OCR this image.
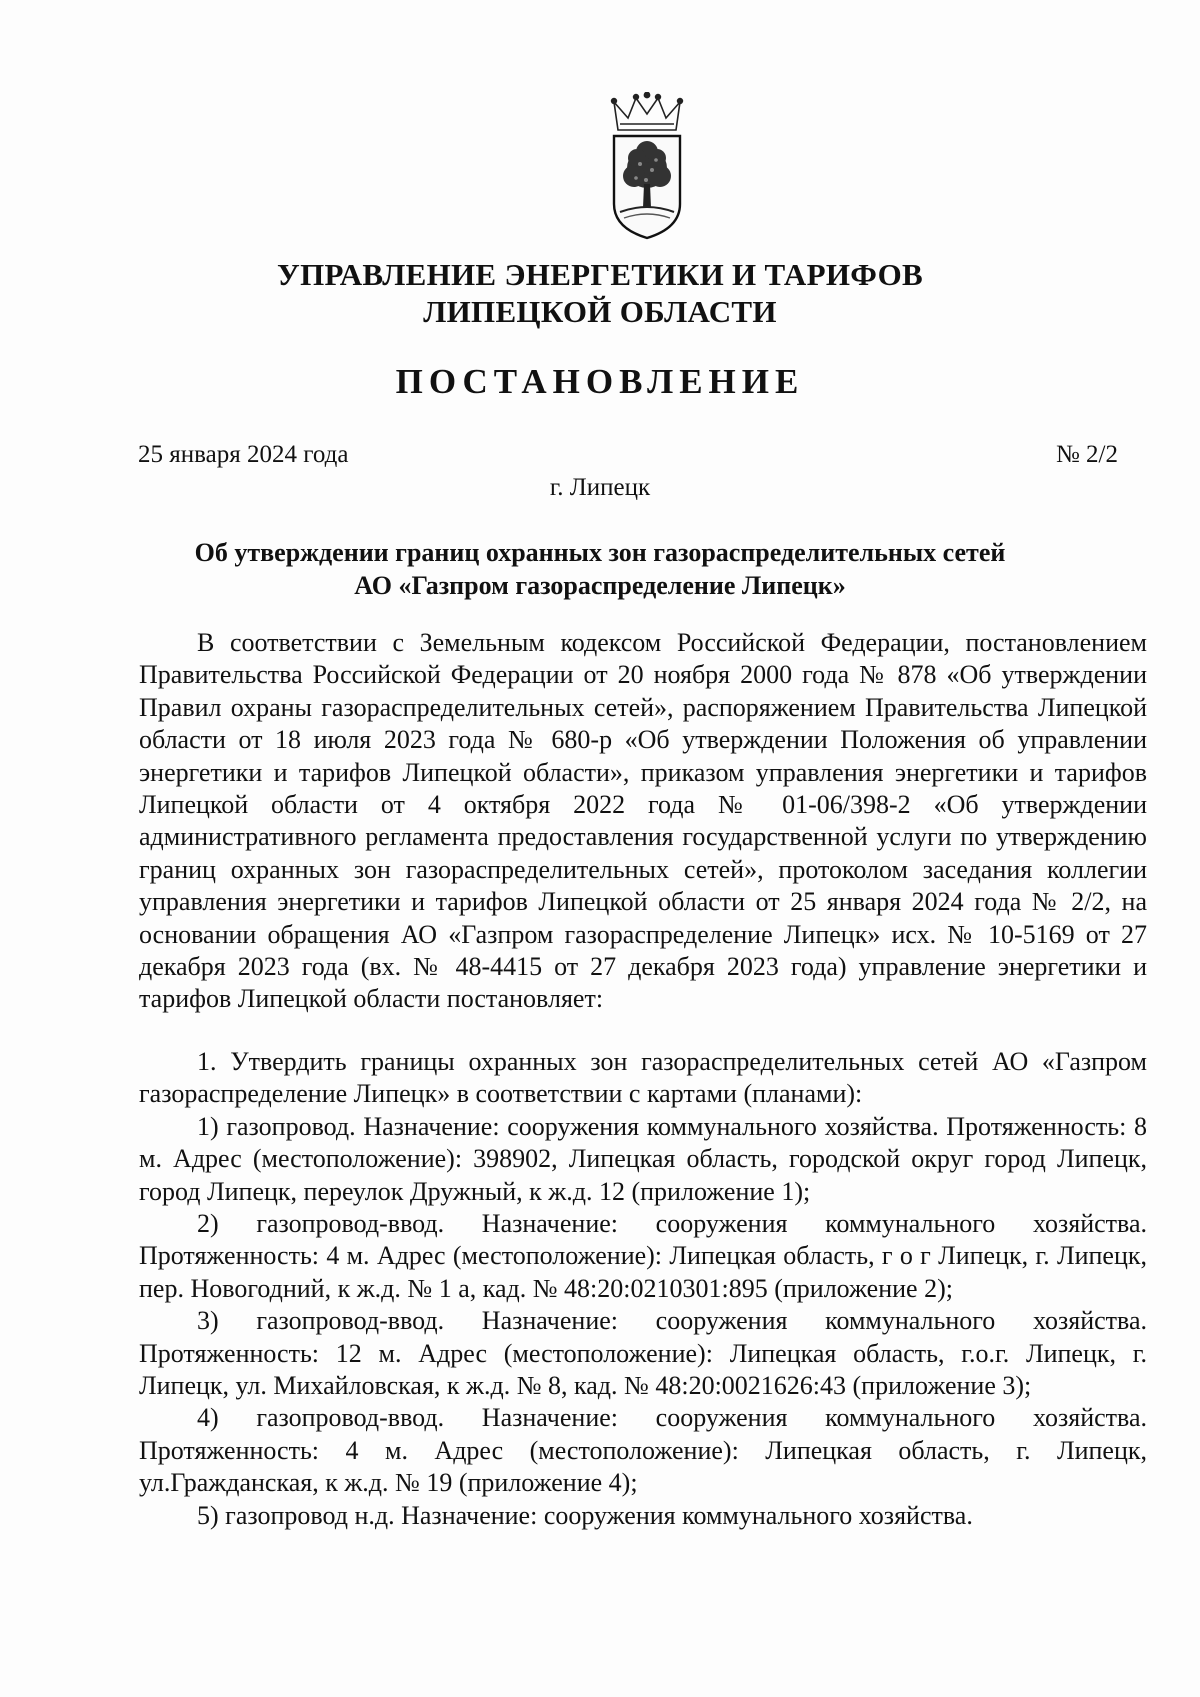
УПРАВЛЕНИЕ ЭНЕРГЕТИКИ И ТАРИФОВ
ЛИПЕЦКОЙ ОБЛАСТИ
ПОСТАНОВЛЕНИЕ
25 января 2024 года	№ 2/2
г. Липецк
Об утверждении границ охранных зон газораспределительных сетей
АО «Газпром газораспределение Липецк»

В соответствии с Земельным кодексом Российской Федерации, постановлением Правительства Российской Федерации от 20 ноября 2000 года № 878 «Об утверждении Правил охраны газораспределительных сетей», распоряжением Правительства Липецкой области от 18 июля 2023 года № 680-р «Об утверждении Положения об управлении энергетики и тарифов Липецкой области», приказом управления энергетики и тарифов Липецкой области от 4 октября 2022 года № 01-06/398-2 «Об утверждении административного регламента предоставления государственной услуги по утверждению границ охранных зон газораспределительных сетей», протоколом заседания коллегии управления энергетики и тарифов Липецкой области от 25 января 2024 года № 2/2, на основании обращения АО «Газпром газораспределение Липецк» исх. № 10-5169 от 27 декабря 2023 года (вх. № 48-4415 от 27 декабря 2023 года) управление энергетики и тарифов Липецкой области постановляет:

1. Утвердить границы охранных зон газораспределительных сетей АО «Газпром газораспределение Липецк» в соответствии с картами (планами):

1) газопровод. Назначение: сооружения коммунального хозяйства. Протяженность: 8 м. Адрес (местоположение): 398902, Липецкая область, городской округ город Липецк, город Липецк, переулок Дружный, к ж.д. 12 (приложение 1);

2) газопровод-ввод. Назначение: сооружения коммунального хозяйства. Протяженность: 4 м. Адрес (местоположение): Липецкая область, г о г Липецк, г. Липецк, пер. Новогодний, к ж.д. № 1 а, кад. № 48:20:0210301:895 (приложение 2);

3) газопровод-ввод. Назначение: сооружения коммунального хозяйства. Протяженность: 12 м. Адрес (местоположение): Липецкая область, г.о.г. Липецк, г. Липецк, ул. Михайловская, к ж.д. № 8, кад. № 48:20:0021626:43 (приложение 3);

4) газопровод-ввод. Назначение: сооружения коммунального хозяйства. Протяженность: 4 м. Адрес (местоположение): Липецкая область, г. Липецк, ул.Гражданская, к ж.д. № 19 (приложение 4);

5) газопровод н.д. Назначение: сооружения коммунального хозяйства.
